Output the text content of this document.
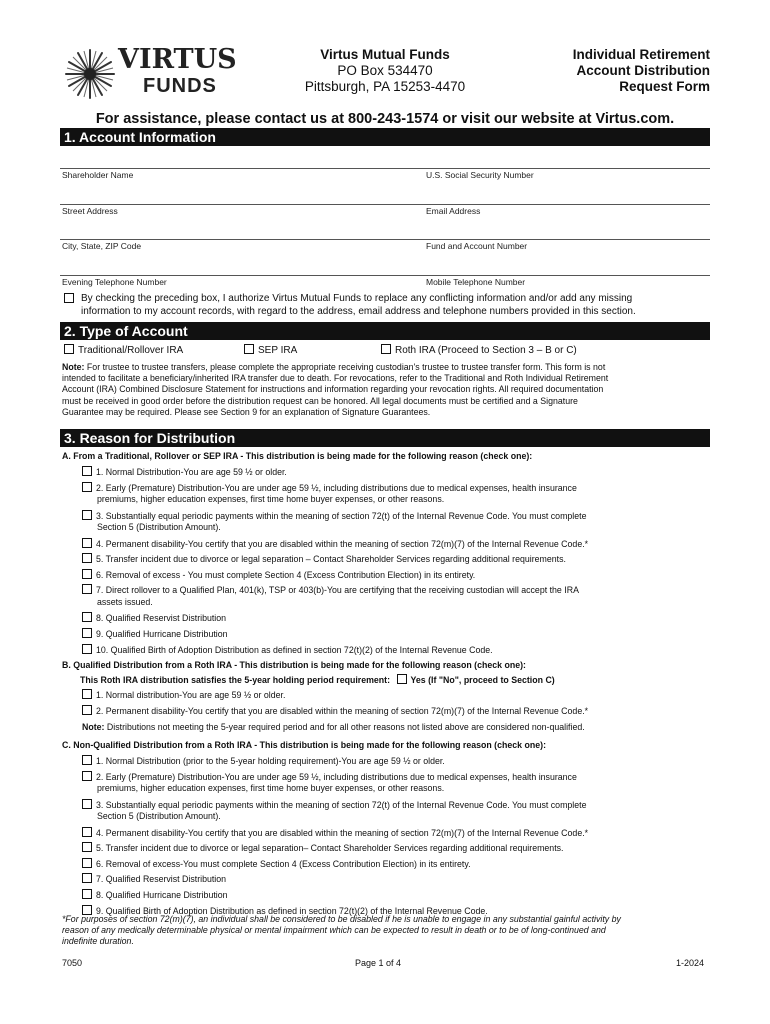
VIRTUS
FUNDS
Virtus Mutual Funds
PO Box 534470
Pittsburgh, PA 15253-4470
Individual Retirement
Account Distribution
Request Form
For assistance, please contact us at 800-243-1574 or visit our website at Virtus.com.
1. Account Information
Shareholder Name	U.S. Social Security Number
Street Address	Email Address
City, State, ZIP Code	Fund and Account Number
Evening Telephone Number	Mobile Telephone Number
By checking the preceding box, I authorize Virtus Mutual Funds to replace any conflicting information and/or add any missing
information to my account records, with regard to the address, email address and telephone numbers provided in this section.
2. Type of Account
Traditional/Rollover IRA	SEP IRA	Roth IRA (Proceed to Section 3 – B or C)
Note: For trustee to trustee transfers, please complete the appropriate receiving custodian's trustee to trustee transfer form. This form is not
intended to facilitate a beneficiary/inherited IRA transfer due to death. For revocations, refer to the Traditional and Roth Individual Retirement
Account (IRA) Combined Disclosure Statement for instructions and information regarding your revocation rights. All required documentation
must be received in good order before the distribution request can be honored. All legal documents must be certified and a Signature
Guarantee may be required. Please see Section 9 for an explanation of Signature Guarantees.
3. Reason for Distribution
A. From a Traditional, Rollover or SEP IRA - This distribution is being made for the following reason (check one):
1. Normal Distribution-You are age 59 ½ or older.
2. Early (Premature) Distribution-You are under age 59 ½, including distributions due to medical expenses, health insurance
premiums, higher education expenses, first time home buyer expenses, or other reasons.
3. Substantially equal periodic payments within the meaning of section 72(t) of the Internal Revenue Code. You must complete
Section 5 (Distribution Amount).
4. Permanent disability-You certify that you are disabled within the meaning of section 72(m)(7) of the Internal Revenue Code.*
5. Transfer incident due to divorce or legal separation – Contact Shareholder Services regarding additional requirements.
6. Removal of excess - You must complete Section 4 (Excess Contribution Election) in its entirety.
7. Direct rollover to a Qualified Plan, 401(k), TSP or 403(b)-You are certifying that the receiving custodian will accept the IRA
assets issued.
8. Qualified Reservist Distribution
9. Qualified Hurricane Distribution
10. Qualified Birth of Adoption Distribution as defined in section 72(t)(2) of the Internal Revenue Code.
B. Qualified Distribution from a Roth IRA - This distribution is being made for the following reason (check one):
This Roth IRA distribution satisfies the 5-year holding period requirement: Yes (If "No", proceed to Section C)
1. Normal distribution-You are age 59 ½ or older.
2. Permanent disability-You certify that you are disabled within the meaning of section 72(m)(7) of the Internal Revenue Code.*
Note: Distributions not meeting the 5-year required period and for all other reasons not listed above are considered non-qualified.
C. Non-Qualified Distribution from a Roth IRA - This distribution is being made for the following reason (check one):
1. Normal Distribution (prior to the 5-year holding requirement)-You are age 59 ½ or older.
2. Early (Premature) Distribution-You are under age 59 ½, including distributions due to medical expenses, health insurance
premiums, higher education expenses, first time home buyer expenses, or other reasons.
3. Substantially equal periodic payments within the meaning of section 72(t) of the Internal Revenue Code. You must complete
Section 5 (Distribution Amount).
4. Permanent disability-You certify that you are disabled within the meaning of section 72(m)(7) of the Internal Revenue Code.*
5. Transfer incident due to divorce or legal separation– Contact Shareholder Services regarding additional requirements.
6. Removal of excess-You must complete Section 4 (Excess Contribution Election) in its entirety.
7. Qualified Reservist Distribution
8. Qualified Hurricane Distribution
9. Qualified Birth of Adoption Distribution as defined in section 72(t)(2) of the Internal Revenue Code.
*For purposes of section 72(m)(7), an individual shall be considered to be disabled if he is unable to engage in any substantial gainful activity by
reason of any medically determinable physical or mental impairment which can be expected to result in death or to be of long-continued and
indefinite duration.
7050	Page 1 of 4	1-2024
